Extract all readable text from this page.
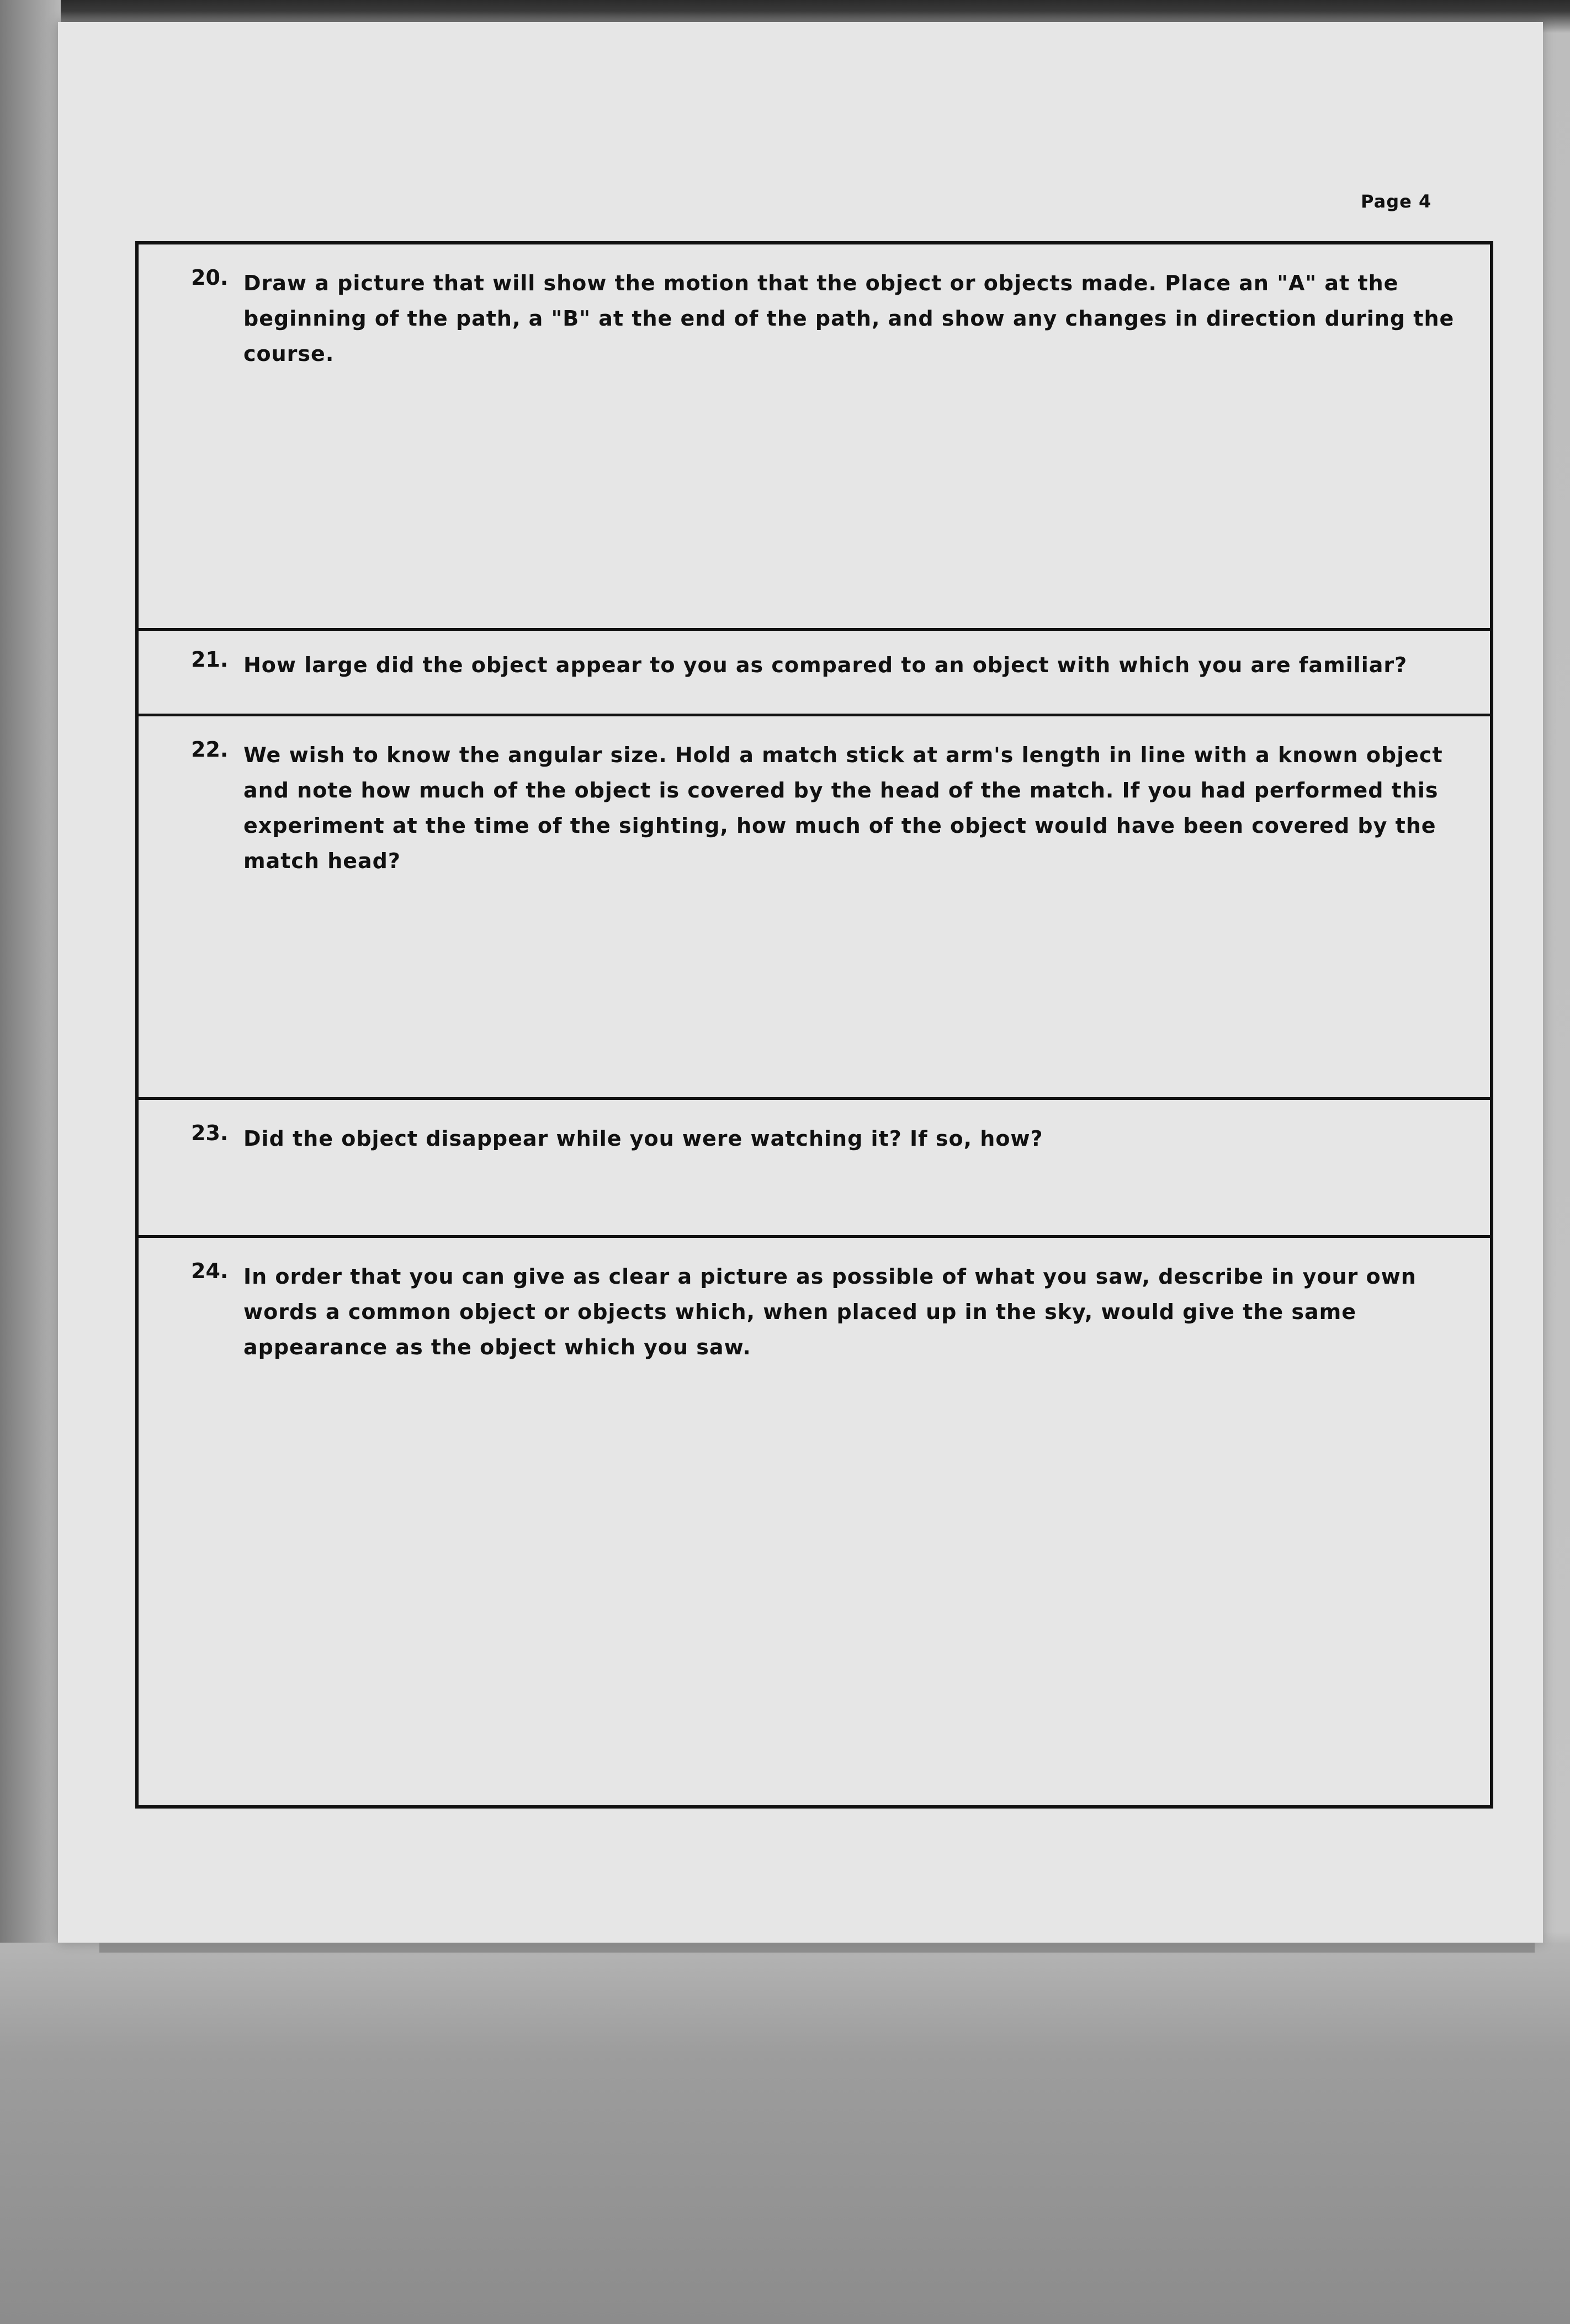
Page 4
20. Draw a picture that will show the motion that the object or objects made. Place an "A" at the beginning of the path, a "B" at the end of the path, and show any changes in direction during the course.
21. How large did the object appear to you as compared to an object with which you are familiar?
22. We wish to know the angular size. Hold a match stick at arm's length in line with a known object and note how much of the object is covered by the head of the match. If you had performed this experiment at the time of the sighting, how much of the object would have been covered by the match head?
23. Did the object disappear while you were watching it? If so, how?
24. In order that you can give as clear a picture as possible of what you saw, describe in your own words a common object or objects which, when placed up in the sky, would give the same appearance as the object which you saw.
